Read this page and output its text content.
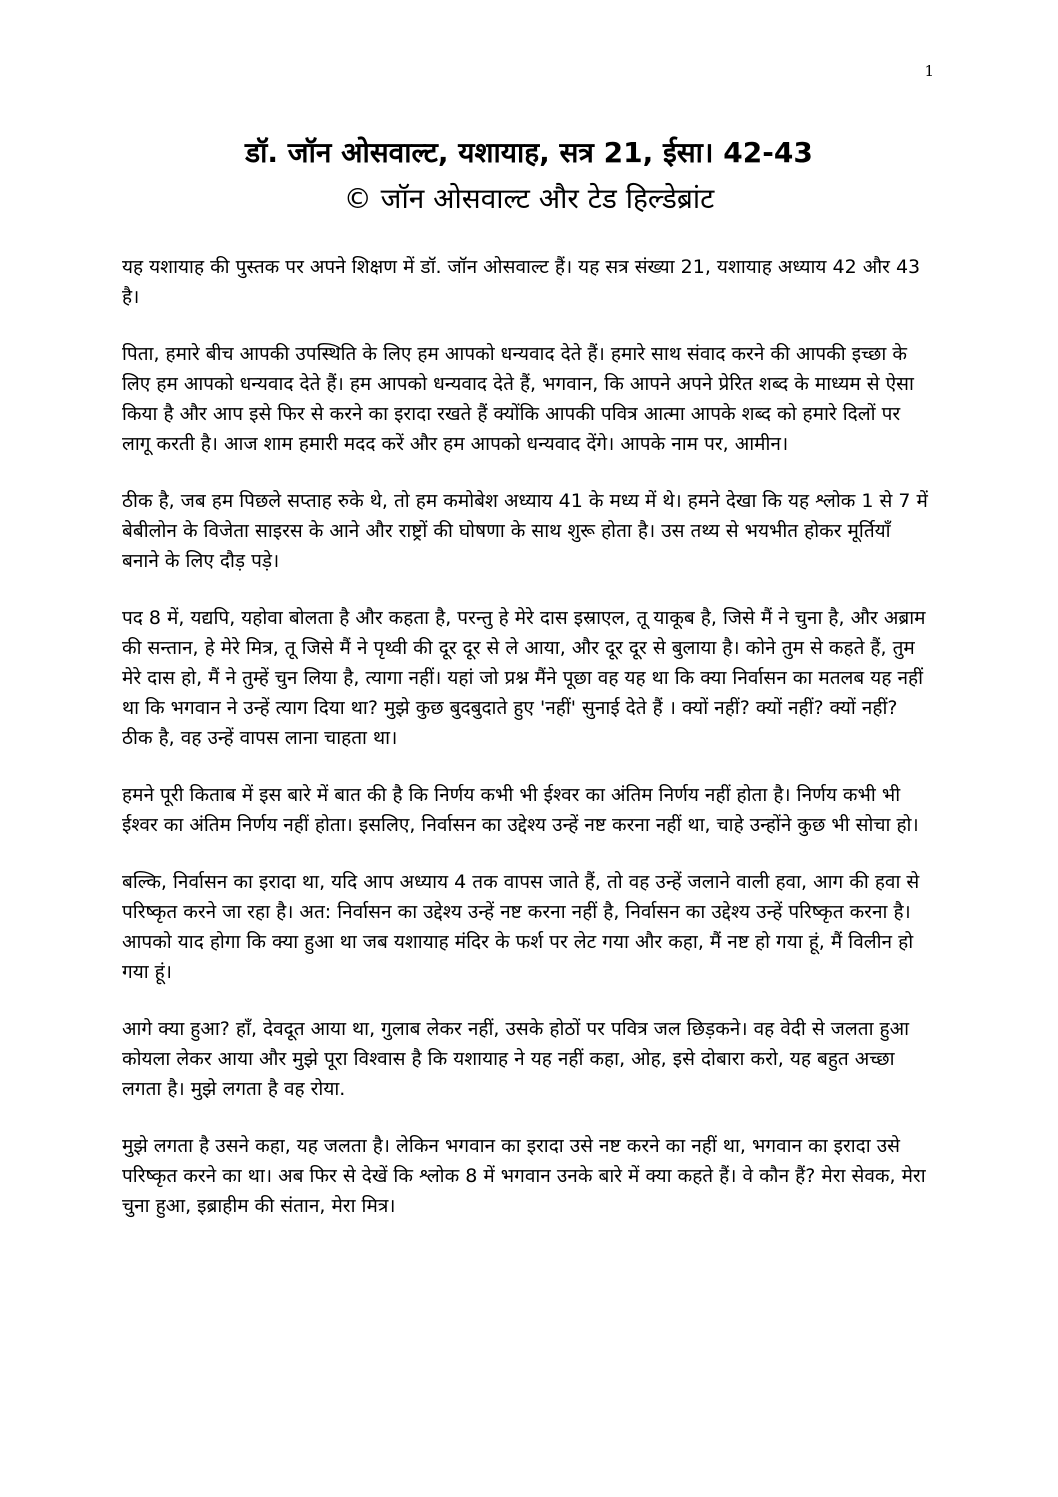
1
डॉ. जॉन ओसवाल्ट, यशायाह, सत्र 21, ईसा। 42-43
© जॉन ओसवाल्ट और टेड हिल्डेब्रांट

यह यशायाह की पुस्तक पर अपने शिक्षण में डॉ. जॉन ओसवाल्ट हैं। यह सत्र संख्या 21, यशायाह अध्याय 42 और 43 है।

पिता, हमारे बीच आपकी उपस्थिति के लिए हम आपको धन्यवाद देते हैं। हमारे साथ संवाद करने की आपकी इच्छा के लिए हम आपको धन्यवाद देते हैं। हम आपको धन्यवाद देते हैं, भगवान, कि आपने अपने प्रेरित शब्द के माध्यम से ऐसा किया है और आप इसे फिर से करने का इरादा रखते हैं क्योंकि आपकी पवित्र आत्मा आपके शब्द को हमारे दिलों पर लागू करती है। आज शाम हमारी मदद करें और हम आपको धन्यवाद देंगे। आपके नाम पर, आमीन।

ठीक है, जब हम पिछले सप्ताह रुके थे, तो हम कमोबेश अध्याय 41 के मध्य में थे। हमने देखा कि यह श्लोक 1 से 7 में बेबीलोन के विजेता साइरस के आने और राष्ट्रों की घोषणा के साथ शुरू होता है। उस तथ्य से भयभीत होकर मूर्तियाँ बनाने के लिए दौड़ पड़े।

पद 8 में, यद्यपि, यहोवा बोलता है और कहता है, परन्तु हे मेरे दास इस्राएल, तू याकूब है, जिसे मैं ने चुना है, और अब्राम की सन्तान, हे मेरे मित्र, तू जिसे मैं ने पृथ्वी की दूर दूर से ले आया, और दूर दूर से बुलाया है। कोने तुम से कहते हैं, तुम मेरे दास हो, मैं ने तुम्हें चुन लिया है, त्यागा नहीं। यहां जो प्रश्न मैंने पूछा वह यह था कि क्या निर्वासन का मतलब यह नहीं था कि भगवान ने उन्हें त्याग दिया था? मुझे कुछ बुदबुदाते हुए 'नहीं' सुनाई देते हैं । क्यों नहीं? क्यों नहीं? क्यों नहीं? ठीक है, वह उन्हें वापस लाना चाहता था।

हमने पूरी किताब में इस बारे में बात की है कि निर्णय कभी भी ईश्वर का अंतिम निर्णय नहीं होता है। निर्णय कभी भी ईश्वर का अंतिम निर्णय नहीं होता। इसलिए, निर्वासन का उद्देश्य उन्हें नष्ट करना नहीं था, चाहे उन्होंने कुछ भी सोचा हो।

बल्कि, निर्वासन का इरादा था, यदि आप अध्याय 4 तक वापस जाते हैं, तो वह उन्हें जलाने वाली हवा, आग की हवा से परिष्कृत करने जा रहा है। अत: निर्वासन का उद्देश्य उन्हें नष्ट करना नहीं है, निर्वासन का उद्देश्य उन्हें परिष्कृत करना है। आपको याद होगा कि क्या हुआ था जब यशायाह मंदिर के फर्श पर लेट गया और कहा, मैं नष्ट हो गया हूं, मैं विलीन हो गया हूं।

आगे क्या हुआ? हाँ, देवदूत आया था, गुलाब लेकर नहीं, उसके होठों पर पवित्र जल छिड़कने। वह वेदी से जलता हुआ कोयला लेकर आया और मुझे पूरा विश्वास है कि यशायाह ने यह नहीं कहा, ओह, इसे दोबारा करो, यह बहुत अच्छा लगता है। मुझे लगता है वह रोया.

मुझे लगता है उसने कहा, यह जलता है। लेकिन भगवान का इरादा उसे नष्ट करने का नहीं था, भगवान का इरादा उसे परिष्कृत करने का था। अब फिर से देखें कि श्लोक 8 में भगवान उनके बारे में क्या कहते हैं। वे कौन हैं? मेरा सेवक, मेरा चुना हुआ, इब्राहीम की संतान, मेरा मित्र।
